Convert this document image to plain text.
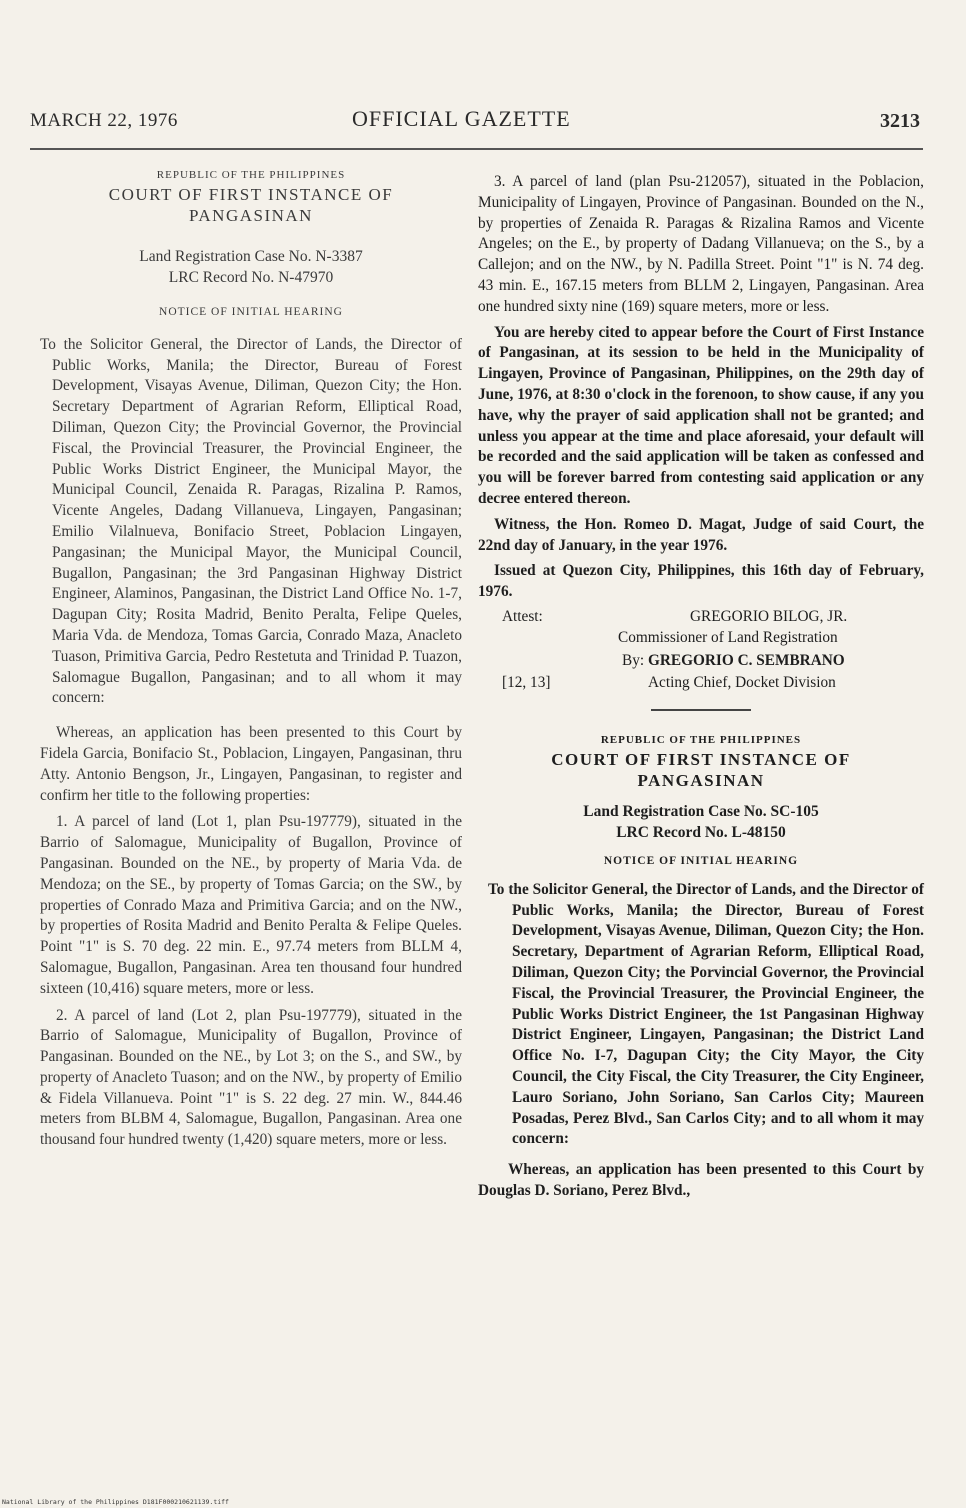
MARCH 22, 1976	OFFICIAL GAZETTE	3213

REPUBLIC OF THE PHILIPPINES

COURT OF FIRST INSTANCE OF

PANGASINAN

Land Registration Case No. N-3387

LRC Record No. N-47970

NOTICE OF INITIAL HEARING

To the Solicitor General, the Director of Lands, the Director of Public Works, Manila; the Director, Bureau of Forest Development, Visayas Avenue, Diliman, Quezon City; the Hon. Secretary Department of Agrarian Reform, Elliptical Road, Diliman, Quezon City; the Provincial Governor, the Provincial Fiscal, the Provincial Treasurer, the Provincial Engineer, the Public Works District Engineer, the Municipal Mayor, the Municipal Council, Zenaida R. Paragas, Rizalina P. Ramos, Vicente Angeles, Dadang Villanueva, Lingayen, Pangasinan; Emilio Vilalnueva, Bonifacio Street, Poblacion Lingayen, Pangasinan; the Municipal Mayor, the Municipal Council, Bugallon, Pangasinan; the 3rd Pangasinan Highway District Engineer, Alaminos, Pangasinan, the District Land Office No. 1-7, Dagupan City; Rosita Madrid, Benito Peralta, Felipe Queles, Maria Vda. de Mendoza, Tomas Garcia, Conrado Maza, Anacleto Tuason, Primitiva Garcia, Pedro Restetuta and Trinidad P. Tuazon, Salomague Bugallon, Pangasinan; and to all whom it may concern:

Whereas, an application has been presented to this Court by Fidela Garcia, Bonifacio St., Poblacion, Lingayen, Pangasinan, thru Atty. Antonio Bengson, Jr., Lingayen, Pangasinan, to register and confirm her title to the following properties:

1. A parcel of land (Lot 1, plan Psu-197779), situated in the Barrio of Salomague, Municipality of Bugallon, Province of Pangasinan. Bounded on the NE., by property of Maria Vda. de Mendoza; on the SE., by property of Tomas Garcia; on the SW., by properties of Conrado Maza and Primitiva Garcia; and on the NW., by properties of Rosita Madrid and Benito Peralta & Felipe Queles. Point "1" is S. 70 deg. 22 min. E., 97.74 meters from BLLM 4, Salomague, Bugallon, Pangasinan. Area ten thousand four hundred sixteen (10,416) square meters, more or less.

2. A parcel of land (Lot 2, plan Psu-197779), situated in the Barrio of Salomague, Municipality of Bugallon, Province of Pangasinan. Bounded on the NE., by Lot 3; on the S., and SW., by property of Anacleto Tuason; and on the NW., by property of Emilio & Fidela Villanueva. Point "1" is S. 22 deg. 27 min. W., 844.46 meters from BLBM 4, Salomague, Bugallon, Pangasinan. Area one thousand four hundred twenty (1,420) square meters, more or less.

3. A parcel of land (plan Psu-212057), situated in the Poblacion, Municipality of Lingayen, Province of Pangasinan. Bounded on the N., by properties of Zenaida R. Paragas & Rizalina Ramos and Vicente Angeles; on the E., by property of Dadang Villanueva; on the S., by a Callejon; and on the NW., by N. Padilla Street. Point "1" is N. 74 deg. 43 min. E., 167.15 meters from BLLM 2, Lingayen, Pangasinan. Area one hundred sixty nine (169) square meters, more or less.

You are hereby cited to appear before the Court of First Instance of Pangasinan, at its session to be held in the Municipality of Lingayen, Province of Pangasinan, Philippines, on the 29th day of June, 1976, at 8:30 o'clock in the forenoon, to show cause, if any you have, why the prayer of said application shall not be granted; and unless you appear at the time and place aforesaid, your default will be recorded and the said application will be taken as confessed and you will be forever barred from contesting said application or any decree entered thereon.

Witness, the Hon. Romeo D. Magat, Judge of said Court, the 22nd day of January, in the year 1976.

Issued at Quezon City, Philippines, this 16th day of February, 1976.

Attest:	GREGORIO BILOG, JR.
Commissioner of Land Registration
By: GREGORIO C. SEMBRANO
[12, 13]	Acting Chief, Docket Division

REPUBLIC OF THE PHILIPPINES

COURT OF FIRST INSTANCE OF

PANGASINAN

Land Registration Case No. SC-105

LRC Record No. L-48150

NOTICE OF INITIAL HEARING

To the Solicitor General, the Director of Lands, and the Director of Public Works, Manila; the Director, Bureau of Forest Development, Visayas Avenue, Diliman, Quezon City; the Hon. Secretary, Department of Agrarian Reform, Elliptical Road, Diliman, Quezon City; the Porvincial Governor, the Provincial Fiscal, the Provincial Treasurer, the Provincial Engineer, the Public Works District Engineer, the 1st Pangasinan Highway District Engineer, Lingayen, Pangasinan; the District Land Office No. I-7, Dagupan City; the City Mayor, the City Council, the City Fiscal, the City Treasurer, the City Engineer, Lauro Soriano, John Soriano, San Carlos City; Maureen Posadas, Perez Blvd., San Carlos City; and to all whom it may concern:

Whereas, an application has been presented to this Court by Douglas D. Soriano, Perez Blvd.,

National Library of the Philippines D181F000210621139.tiff
